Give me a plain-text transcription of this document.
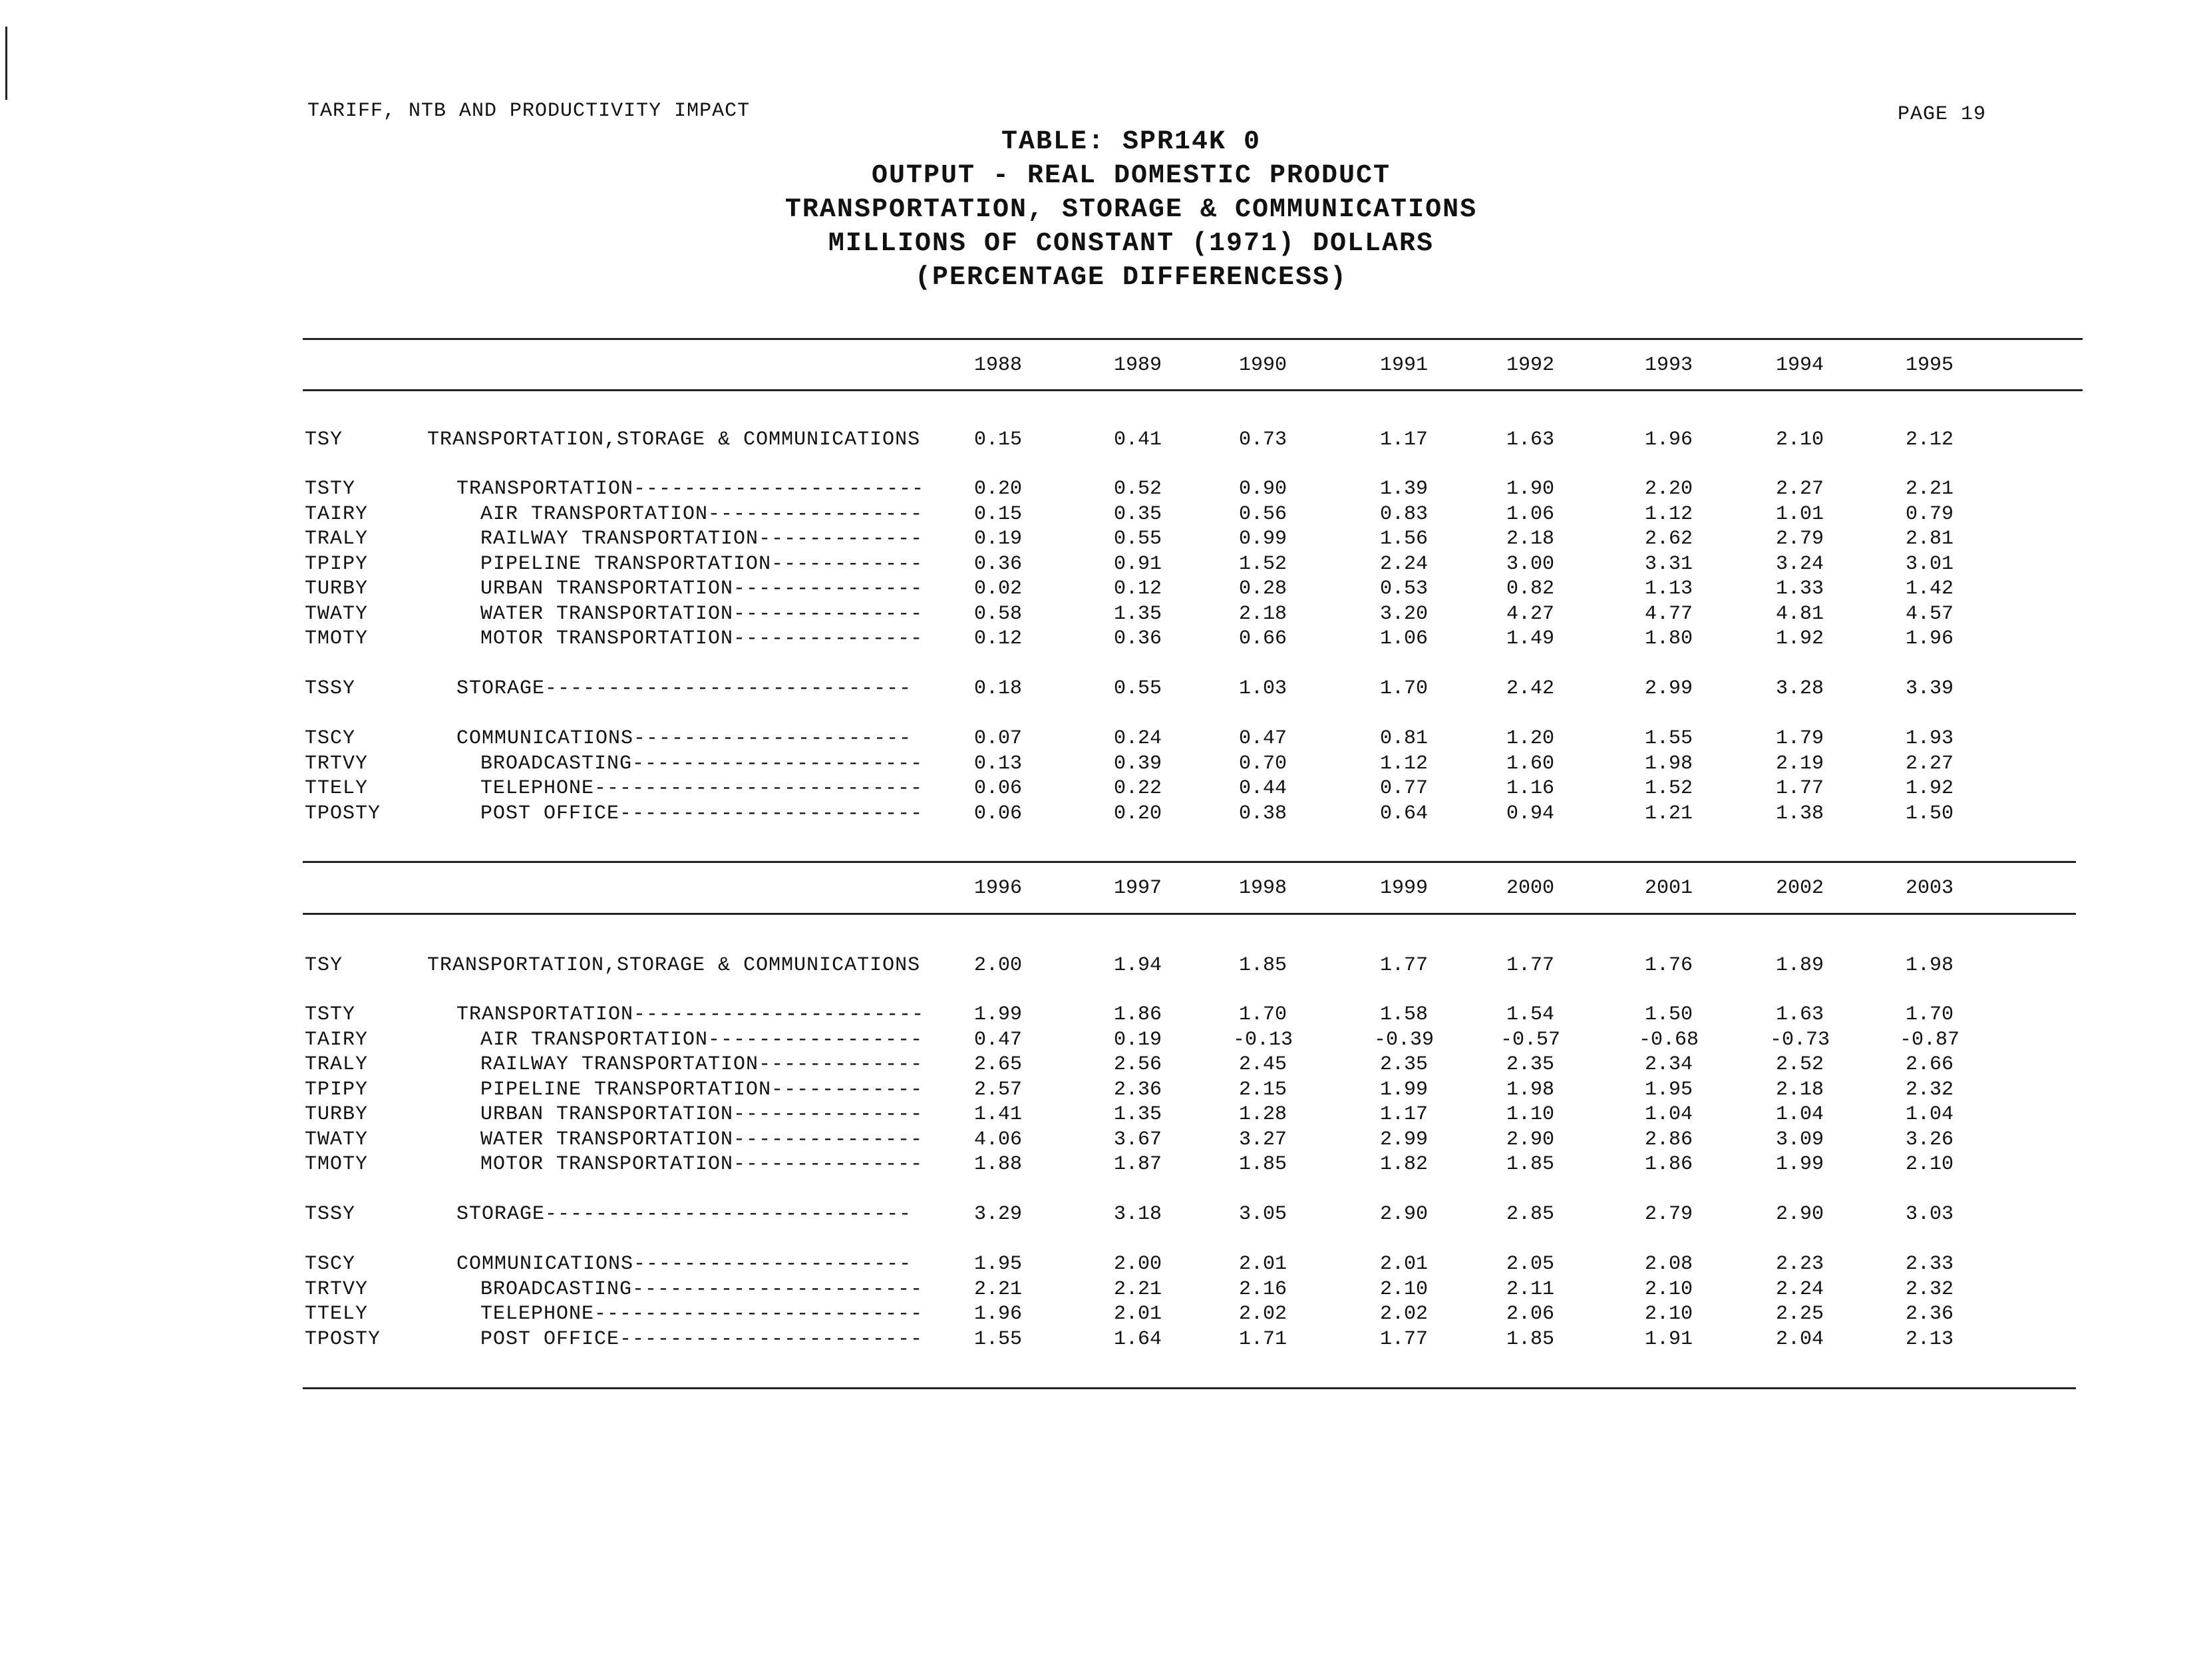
TARIFF, NTB AND PRODUCTIVITY IMPACT	PAGE 19
TABLE: SPR14K 0
OUTPUT - REAL DOMESTIC PRODUCT
TRANSPORTATION, STORAGE & COMMUNICATIONS
MILLIONS OF CONSTANT (1971) DOLLARS
(PERCENTAGE DIFFERENCESS)
1988	1989	1990	1991	1992	1993	1994	1995
TSY	TRANSPORTATION,STORAGE & COMMUNICATIONS	0.15	0.41	0.73	1.17	1.63	1.96	2.10	2.12
TSTY	TRANSPORTATION-----------------------	0.20	0.52	0.90	1.39	1.90	2.20	2.27	2.21
TAIRY	AIR TRANSPORTATION-----------------	0.15	0.35	0.56	0.83	1.06	1.12	1.01	0.79
TRALY	RAILWAY TRANSPORTATION-------------	0.19	0.55	0.99	1.56	2.18	2.62	2.79	2.81
TPIPY	PIPELINE TRANSPORTATION------------	0.36	0.91	1.52	2.24	3.00	3.31	3.24	3.01
TURBY	URBAN TRANSPORTATION---------------	0.02	0.12	0.28	0.53	0.82	1.13	1.33	1.42
TWATY	WATER TRANSPORTATION---------------	0.58	1.35	2.18	3.20	4.27	4.77	4.81	4.57
TMOTY	MOTOR TRANSPORTATION---------------	0.12	0.36	0.66	1.06	1.49	1.80	1.92	1.96
TSSY	STORAGE-----------------------------	0.18	0.55	1.03	1.70	2.42	2.99	3.28	3.39
TSCY	COMMUNICATIONS----------------------	0.07	0.24	0.47	0.81	1.20	1.55	1.79	1.93
TRTVY	BROADCASTING-----------------------	0.13	0.39	0.70	1.12	1.60	1.98	2.19	2.27
TTELY	TELEPHONE--------------------------	0.06	0.22	0.44	0.77	1.16	1.52	1.77	1.92
TPOSTY	POST OFFICE------------------------	0.06	0.20	0.38	0.64	0.94	1.21	1.38	1.50
1996	1997	1998	1999	2000	2001	2002	2003
TSY	TRANSPORTATION,STORAGE & COMMUNICATIONS	2.00	1.94	1.85	1.77	1.77	1.76	1.89	1.98
TSTY	TRANSPORTATION-----------------------	1.99	1.86	1.70	1.58	1.54	1.50	1.63	1.70
TAIRY	AIR TRANSPORTATION-----------------	0.47	0.19	-0.13	-0.39	-0.57	-0.68	-0.73	-0.87
TRALY	RAILWAY TRANSPORTATION-------------	2.65	2.56	2.45	2.35	2.35	2.34	2.52	2.66
TPIPY	PIPELINE TRANSPORTATION------------	2.57	2.36	2.15	1.99	1.98	1.95	2.18	2.32
TURBY	URBAN TRANSPORTATION---------------	1.41	1.35	1.28	1.17	1.10	1.04	1.04	1.04
TWATY	WATER TRANSPORTATION---------------	4.06	3.67	3.27	2.99	2.90	2.86	3.09	3.26
TMOTY	MOTOR TRANSPORTATION---------------	1.88	1.87	1.85	1.82	1.85	1.86	1.99	2.10
TSSY	STORAGE-----------------------------	3.29	3.18	3.05	2.90	2.85	2.79	2.90	3.03
TSCY	COMMUNICATIONS----------------------	1.95	2.00	2.01	2.01	2.05	2.08	2.23	2.33
TRTVY	BROADCASTING-----------------------	2.21	2.21	2.16	2.10	2.11	2.10	2.24	2.32
TTELY	TELEPHONE--------------------------	1.96	2.01	2.02	2.02	2.06	2.10	2.25	2.36
TPOSTY	POST OFFICE------------------------	1.55	1.64	1.71	1.77	1.85	1.91	2.04	2.13
